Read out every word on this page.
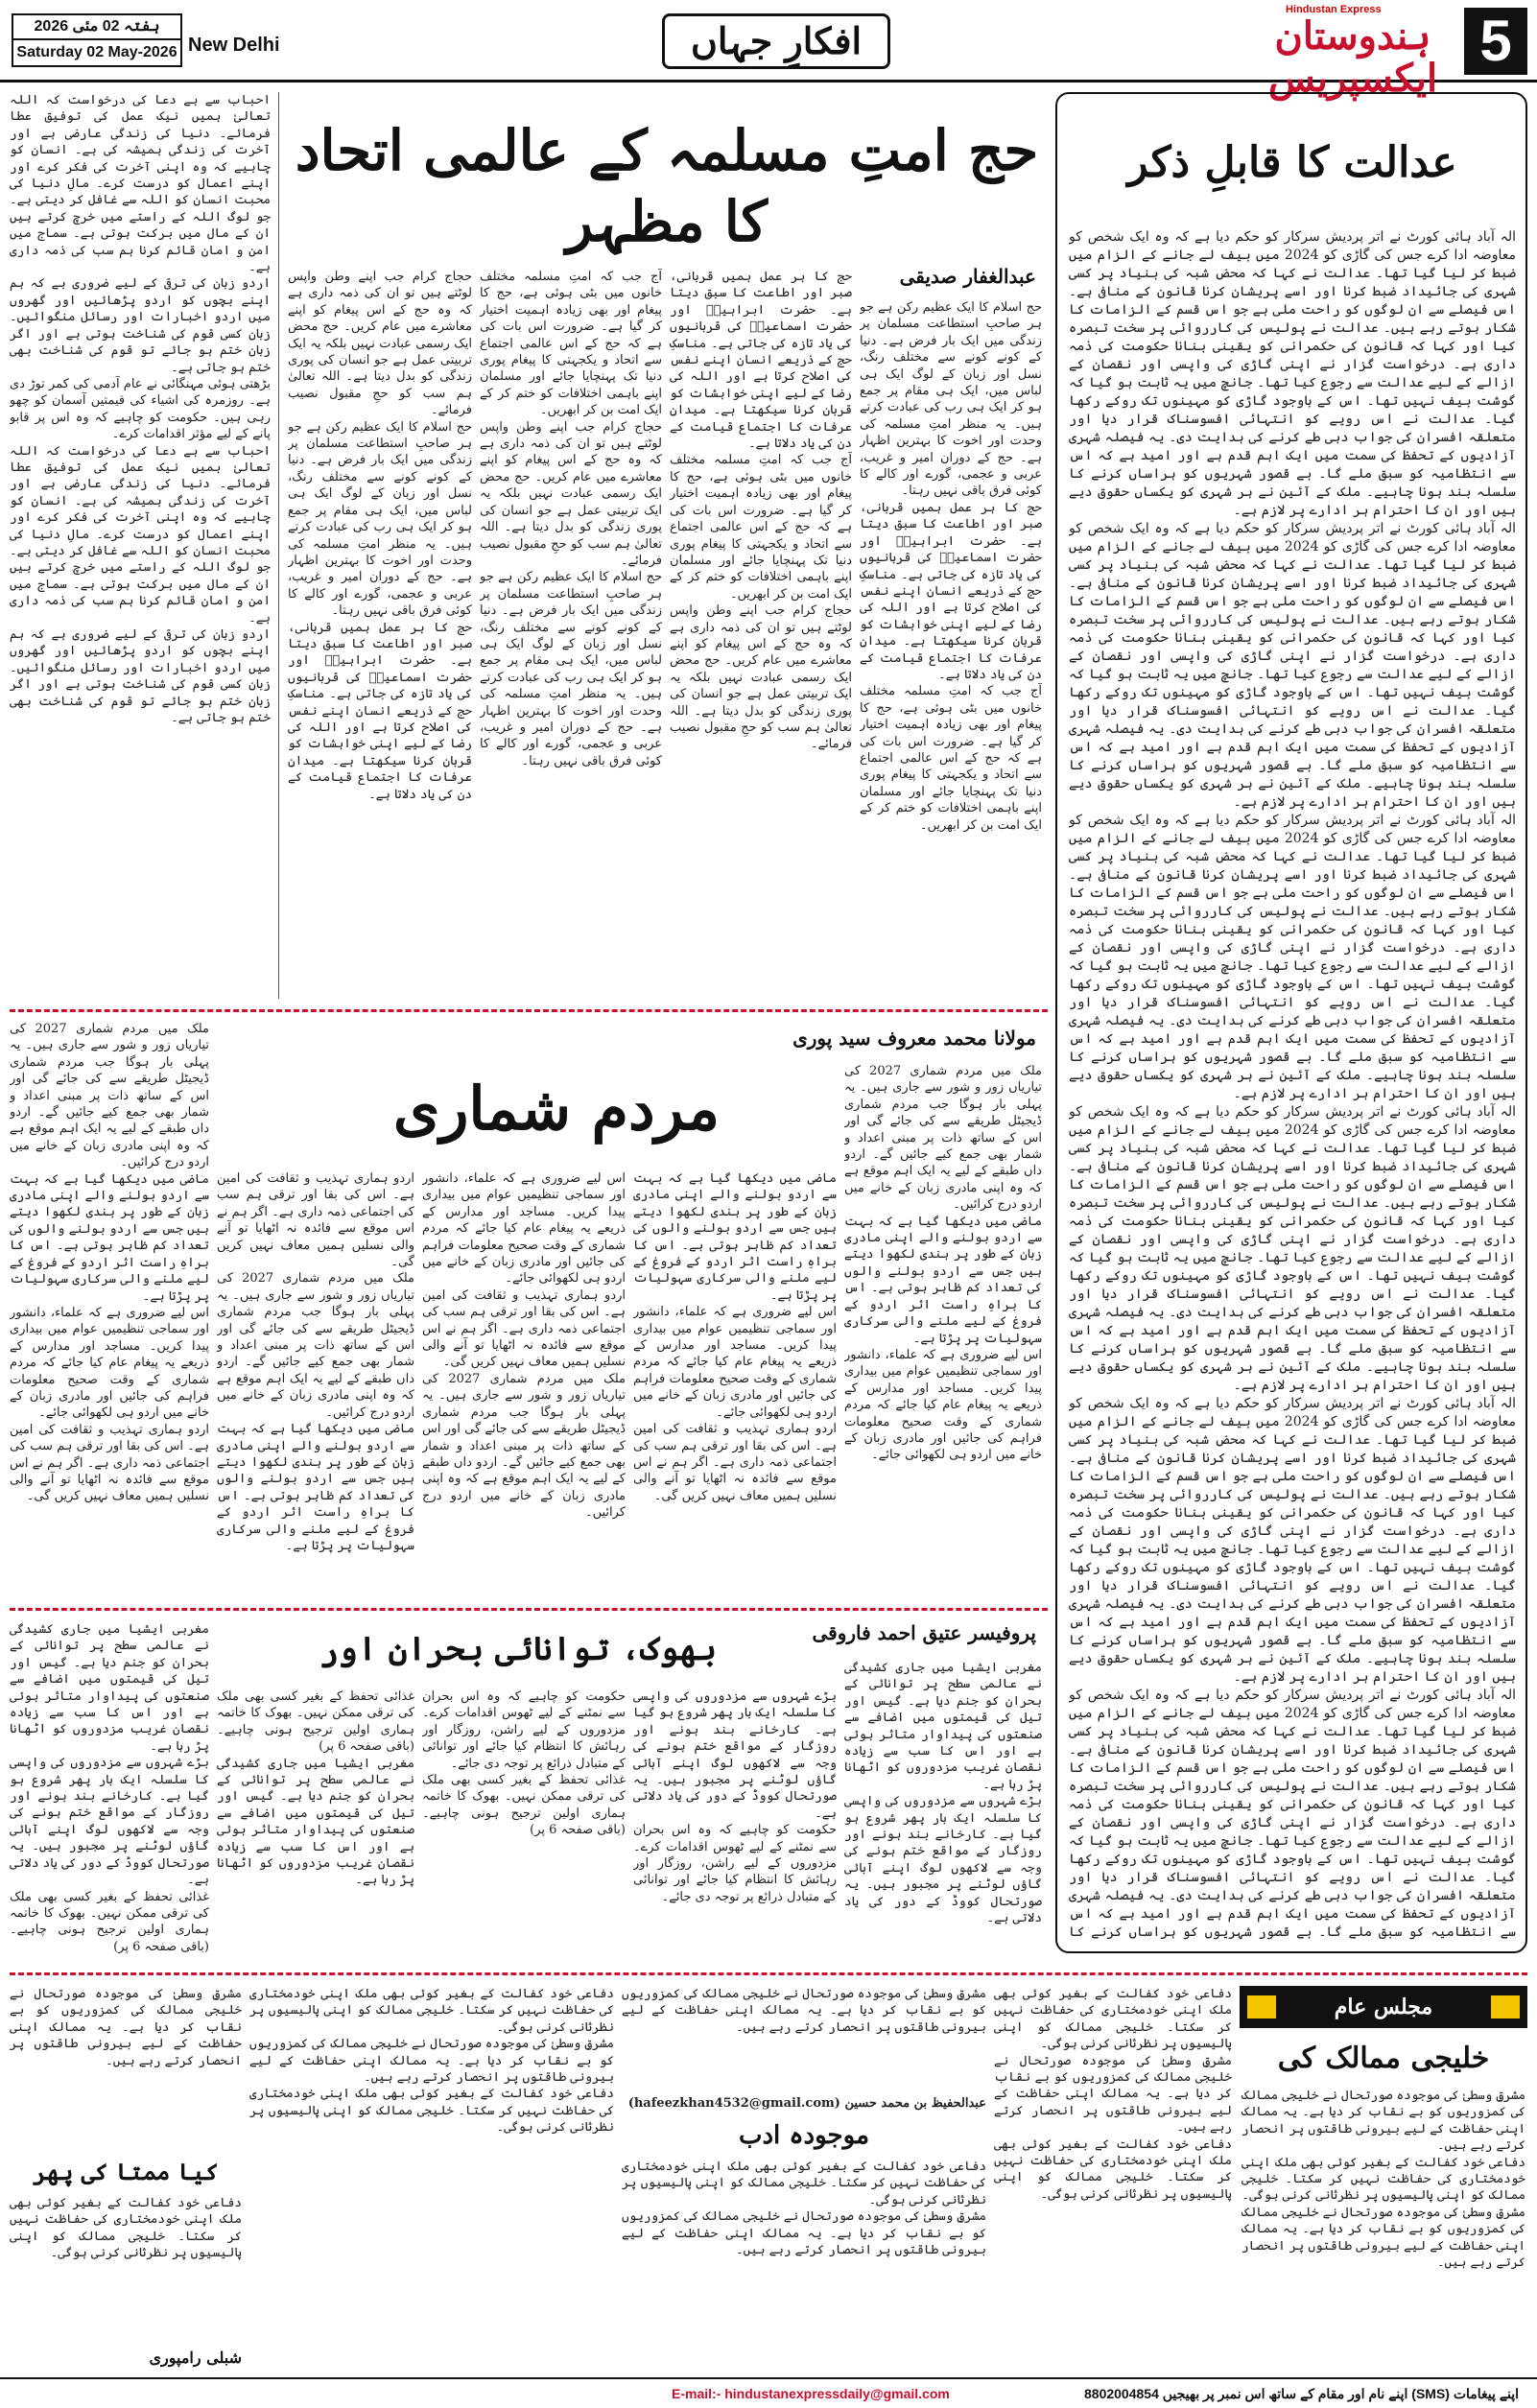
ہفتہ 02 مئی 2026
Saturday 02 May-2026 New Delhi	افکارِ جہاں
Hindustan Express
ہندوستان ایکسپریس
5

احباب سے ہے دعا کی درخواست کہ اللہ تعالیٰ ہمیں نیک عمل کی توفیق عطا فرمائے۔ دنیا کی زندگی عارضی ہے اور آخرت کی زندگی ہمیشہ کی ہے۔ انسان کو چاہیے کہ وہ اپنی آخرت کی فکر کرے اور اپنے اعمال کو درست کرے۔ مالِ دنیا کی محبت انسان کو اللہ سے غافل کر دیتی ہے۔ جو لوگ اللہ کے راستے میں خرچ کرتے ہیں ان کے مال میں برکت ہوتی ہے۔ سماج میں امن و امان قائم کرنا ہم سب کی ذمہ داری ہے۔

اردو زبان کی ترقی کے لیے ضروری ہے کہ ہم اپنے بچوں کو اردو پڑھائیں اور گھروں میں اردو اخبارات اور رسائل منگوائیں۔ زبان کسی قوم کی شناخت ہوتی ہے اور اگر زبان ختم ہو جائے تو قوم کی شناخت بھی ختم ہو جاتی ہے۔

بڑھتی ہوئی مہنگائی نے عام آدمی کی کمر توڑ دی ہے۔ روزمرہ کی اشیاء کی قیمتیں آسمان کو چھو رہی ہیں۔ حکومت کو چاہیے کہ وہ اس پر قابو پانے کے لیے مؤثر اقدامات کرے۔

احباب سے ہے دعا کی درخواست کہ اللہ تعالیٰ ہمیں نیک عمل کی توفیق عطا فرمائے۔ دنیا کی زندگی عارضی ہے اور آخرت کی زندگی ہمیشہ کی ہے۔ انسان کو چاہیے کہ وہ اپنی آخرت کی فکر کرے اور اپنے اعمال کو درست کرے۔ مالِ دنیا کی محبت انسان کو اللہ سے غافل کر دیتی ہے۔ جو لوگ اللہ کے راستے میں خرچ کرتے ہیں ان کے مال میں برکت ہوتی ہے۔ سماج میں امن و امان قائم کرنا ہم سب کی ذمہ داری ہے۔

اردو زبان کی ترقی کے لیے ضروری ہے کہ ہم اپنے بچوں کو اردو پڑھائیں اور گھروں میں اردو اخبارات اور رسائل منگوائیں۔ زبان کسی قوم کی شناخت ہوتی ہے اور اگر زبان ختم ہو جائے تو قوم کی شناخت بھی ختم ہو جاتی ہے۔

حج امتِ مسلمہ کے عالمی اتحاد کا مظہر
عبدالغفار صدیقی

حج اسلام کا ایک عظیم رکن ہے جو ہر صاحبِ استطاعت مسلمان پر زندگی میں ایک بار فرض ہے۔ دنیا کے کونے کونے سے مختلف رنگ، نسل اور زبان کے لوگ ایک ہی لباس میں، ایک ہی مقام پر جمع ہو کر ایک ہی رب کی عبادت کرتے ہیں۔ یہ منظر امتِ مسلمہ کی وحدت اور اخوت کا بہترین اظہار ہے۔ حج کے دوران امیر و غریب، عربی و عجمی، گورے اور کالے کا کوئی فرق باقی نہیں رہتا۔

حج کا ہر عمل ہمیں قربانی، صبر اور اطاعت کا سبق دیتا ہے۔ حضرت ابراہیمؑ اور حضرت اسماعیلؑ کی قربانیوں کی یاد تازہ کی جاتی ہے۔ مناسکِ حج کے ذریعے انسان اپنے نفس کی اصلاح کرتا ہے اور اللہ کی رضا کے لیے اپنی خواہشات کو قربان کرنا سیکھتا ہے۔ میدانِ عرفات کا اجتماع قیامت کے دن کی یاد دلاتا ہے۔

آج جب کہ امتِ مسلمہ مختلف خانوں میں بٹی ہوئی ہے، حج کا پیغام اور بھی زیادہ اہمیت اختیار کر گیا ہے۔ ضرورت اس بات کی ہے کہ حج کے اس عالمی اجتماع سے اتحاد و یکجہتی کا پیغام پوری دنیا تک پہنچایا جائے اور مسلمان اپنے باہمی اختلافات کو ختم کر کے ایک امت بن کر ابھریں۔

حج کا ہر عمل ہمیں قربانی، صبر اور اطاعت کا سبق دیتا ہے۔ حضرت ابراہیمؑ اور حضرت اسماعیلؑ کی قربانیوں کی یاد تازہ کی جاتی ہے۔ مناسکِ حج کے ذریعے انسان اپنے نفس کی اصلاح کرتا ہے اور اللہ کی رضا کے لیے اپنی خواہشات کو قربان کرنا سیکھتا ہے۔ میدانِ عرفات کا اجتماع قیامت کے دن کی یاد دلاتا ہے۔

آج جب کہ امتِ مسلمہ مختلف خانوں میں بٹی ہوئی ہے، حج کا پیغام اور بھی زیادہ اہمیت اختیار کر گیا ہے۔ ضرورت اس بات کی ہے کہ حج کے اس عالمی اجتماع سے اتحاد و یکجہتی کا پیغام پوری دنیا تک پہنچایا جائے اور مسلمان اپنے باہمی اختلافات کو ختم کر کے ایک امت بن کر ابھریں۔

حجاج کرام جب اپنے وطن واپس لوٹتے ہیں تو ان کی ذمہ داری ہے کہ وہ حج کے اس پیغام کو اپنے معاشرے میں عام کریں۔ حج محض ایک رسمی عبادت نہیں بلکہ یہ ایک تربیتی عمل ہے جو انسان کی پوری زندگی کو بدل دیتا ہے۔ اللہ تعالیٰ ہم سب کو حجِ مقبول نصیب فرمائے۔

آج جب کہ امتِ مسلمہ مختلف خانوں میں بٹی ہوئی ہے، حج کا پیغام اور بھی زیادہ اہمیت اختیار کر گیا ہے۔ ضرورت اس بات کی ہے کہ حج کے اس عالمی اجتماع سے اتحاد و یکجہتی کا پیغام پوری دنیا تک پہنچایا جائے اور مسلمان اپنے باہمی اختلافات کو ختم کر کے ایک امت بن کر ابھریں۔

حجاج کرام جب اپنے وطن واپس لوٹتے ہیں تو ان کی ذمہ داری ہے کہ وہ حج کے اس پیغام کو اپنے معاشرے میں عام کریں۔ حج محض ایک رسمی عبادت نہیں بلکہ یہ ایک تربیتی عمل ہے جو انسان کی پوری زندگی کو بدل دیتا ہے۔ اللہ تعالیٰ ہم سب کو حجِ مقبول نصیب فرمائے۔

حج اسلام کا ایک عظیم رکن ہے جو ہر صاحبِ استطاعت مسلمان پر زندگی میں ایک بار فرض ہے۔ دنیا کے کونے کونے سے مختلف رنگ، نسل اور زبان کے لوگ ایک ہی لباس میں، ایک ہی مقام پر جمع ہو کر ایک ہی رب کی عبادت کرتے ہیں۔ یہ منظر امتِ مسلمہ کی وحدت اور اخوت کا بہترین اظہار ہے۔ حج کے دوران امیر و غریب، عربی و عجمی، گورے اور کالے کا کوئی فرق باقی نہیں رہتا۔

حجاج کرام جب اپنے وطن واپس لوٹتے ہیں تو ان کی ذمہ داری ہے کہ وہ حج کے اس پیغام کو اپنے معاشرے میں عام کریں۔ حج محض ایک رسمی عبادت نہیں بلکہ یہ ایک تربیتی عمل ہے جو انسان کی پوری زندگی کو بدل دیتا ہے۔ اللہ تعالیٰ ہم سب کو حجِ مقبول نصیب فرمائے۔

حج اسلام کا ایک عظیم رکن ہے جو ہر صاحبِ استطاعت مسلمان پر زندگی میں ایک بار فرض ہے۔ دنیا کے کونے کونے سے مختلف رنگ، نسل اور زبان کے لوگ ایک ہی لباس میں، ایک ہی مقام پر جمع ہو کر ایک ہی رب کی عبادت کرتے ہیں۔ یہ منظر امتِ مسلمہ کی وحدت اور اخوت کا بہترین اظہار ہے۔ حج کے دوران امیر و غریب، عربی و عجمی، گورے اور کالے کا کوئی فرق باقی نہیں رہتا۔

حج کا ہر عمل ہمیں قربانی، صبر اور اطاعت کا سبق دیتا ہے۔ حضرت ابراہیمؑ اور حضرت اسماعیلؑ کی قربانیوں کی یاد تازہ کی جاتی ہے۔ مناسکِ حج کے ذریعے انسان اپنے نفس کی اصلاح کرتا ہے اور اللہ کی رضا کے لیے اپنی خواہشات کو قربان کرنا سیکھتا ہے۔ میدانِ عرفات کا اجتماع قیامت کے دن کی یاد دلاتا ہے۔

عدالت کا قابلِ ذکر

الہ آباد ہائی کورٹ نے اتر پردیش سرکار کو حکم دیا ہے کہ وہ ایک شخص کو معاوضہ ادا کرے جس کی گاڑی کو 2024 میں بیف لے جانے کے الزام میں ضبط کر لیا گیا تھا۔ عدالت نے کہا کہ محض شبہ کی بنیاد پر کسی شہری کی جائیداد ضبط کرنا اور اسے پریشان کرنا قانون کے منافی ہے۔ اس فیصلے سے ان لوگوں کو راحت ملی ہے جو اس قسم کے الزامات کا شکار ہوتے رہے ہیں۔ عدالت نے پولیس کی کارروائی پر سخت تبصرہ کیا اور کہا کہ قانون کی حکمرانی کو یقینی بنانا حکومت کی ذمہ داری ہے۔ درخواست گزار نے اپنی گاڑی کی واپسی اور نقصان کے ازالے کے لیے عدالت سے رجوع کیا تھا۔ جانچ میں یہ ثابت ہو گیا کہ گوشت بیف نہیں تھا۔ اس کے باوجود گاڑی کو مہینوں تک روکے رکھا گیا۔ عدالت نے اس رویے کو انتہائی افسوسناک قرار دیا اور متعلقہ افسران کی جواب دہی طے کرنے کی ہدایت دی۔ یہ فیصلہ شہری آزادیوں کے تحفظ کی سمت میں ایک اہم قدم ہے اور امید ہے کہ اس سے انتظامیہ کو سبق ملے گا۔ بے قصور شہریوں کو ہراساں کرنے کا سلسلہ بند ہونا چاہیے۔ ملک کے آئین نے ہر شہری کو یکساں حقوق دیے ہیں اور ان کا احترام ہر ادارے پر لازم ہے۔

الہ آباد ہائی کورٹ نے اتر پردیش سرکار کو حکم دیا ہے کہ وہ ایک شخص کو معاوضہ ادا کرے جس کی گاڑی کو 2024 میں بیف لے جانے کے الزام میں ضبط کر لیا گیا تھا۔ عدالت نے کہا کہ محض شبہ کی بنیاد پر کسی شہری کی جائیداد ضبط کرنا اور اسے پریشان کرنا قانون کے منافی ہے۔ اس فیصلے سے ان لوگوں کو راحت ملی ہے جو اس قسم کے الزامات کا شکار ہوتے رہے ہیں۔ عدالت نے پولیس کی کارروائی پر سخت تبصرہ کیا اور کہا کہ قانون کی حکمرانی کو یقینی بنانا حکومت کی ذمہ داری ہے۔ درخواست گزار نے اپنی گاڑی کی واپسی اور نقصان کے ازالے کے لیے عدالت سے رجوع کیا تھا۔ جانچ میں یہ ثابت ہو گیا کہ گوشت بیف نہیں تھا۔ اس کے باوجود گاڑی کو مہینوں تک روکے رکھا گیا۔ عدالت نے اس رویے کو انتہائی افسوسناک قرار دیا اور متعلقہ افسران کی جواب دہی طے کرنے کی ہدایت دی۔ یہ فیصلہ شہری آزادیوں کے تحفظ کی سمت میں ایک اہم قدم ہے اور امید ہے کہ اس سے انتظامیہ کو سبق ملے گا۔ بے قصور شہریوں کو ہراساں کرنے کا سلسلہ بند ہونا چاہیے۔ ملک کے آئین نے ہر شہری کو یکساں حقوق دیے ہیں اور ان کا احترام ہر ادارے پر لازم ہے۔

الہ آباد ہائی کورٹ نے اتر پردیش سرکار کو حکم دیا ہے کہ وہ ایک شخص کو معاوضہ ادا کرے جس کی گاڑی کو 2024 میں بیف لے جانے کے الزام میں ضبط کر لیا گیا تھا۔ عدالت نے کہا کہ محض شبہ کی بنیاد پر کسی شہری کی جائیداد ضبط کرنا اور اسے پریشان کرنا قانون کے منافی ہے۔ اس فیصلے سے ان لوگوں کو راحت ملی ہے جو اس قسم کے الزامات کا شکار ہوتے رہے ہیں۔ عدالت نے پولیس کی کارروائی پر سخت تبصرہ کیا اور کہا کہ قانون کی حکمرانی کو یقینی بنانا حکومت کی ذمہ داری ہے۔ درخواست گزار نے اپنی گاڑی کی واپسی اور نقصان کے ازالے کے لیے عدالت سے رجوع کیا تھا۔ جانچ میں یہ ثابت ہو گیا کہ گوشت بیف نہیں تھا۔ اس کے باوجود گاڑی کو مہینوں تک روکے رکھا گیا۔ عدالت نے اس رویے کو انتہائی افسوسناک قرار دیا اور متعلقہ افسران کی جواب دہی طے کرنے کی ہدایت دی۔ یہ فیصلہ شہری آزادیوں کے تحفظ کی سمت میں ایک اہم قدم ہے اور امید ہے کہ اس سے انتظامیہ کو سبق ملے گا۔ بے قصور شہریوں کو ہراساں کرنے کا سلسلہ بند ہونا چاہیے۔ ملک کے آئین نے ہر شہری کو یکساں حقوق دیے ہیں اور ان کا احترام ہر ادارے پر لازم ہے۔

الہ آباد ہائی کورٹ نے اتر پردیش سرکار کو حکم دیا ہے کہ وہ ایک شخص کو معاوضہ ادا کرے جس کی گاڑی کو 2024 میں بیف لے جانے کے الزام میں ضبط کر لیا گیا تھا۔ عدالت نے کہا کہ محض شبہ کی بنیاد پر کسی شہری کی جائیداد ضبط کرنا اور اسے پریشان کرنا قانون کے منافی ہے۔ اس فیصلے سے ان لوگوں کو راحت ملی ہے جو اس قسم کے الزامات کا شکار ہوتے رہے ہیں۔ عدالت نے پولیس کی کارروائی پر سخت تبصرہ کیا اور کہا کہ قانون کی حکمرانی کو یقینی بنانا حکومت کی ذمہ داری ہے۔ درخواست گزار نے اپنی گاڑی کی واپسی اور نقصان کے ازالے کے لیے عدالت سے رجوع کیا تھا۔ جانچ میں یہ ثابت ہو گیا کہ گوشت بیف نہیں تھا۔ اس کے باوجود گاڑی کو مہینوں تک روکے رکھا گیا۔ عدالت نے اس رویے کو انتہائی افسوسناک قرار دیا اور متعلقہ افسران کی جواب دہی طے کرنے کی ہدایت دی۔ یہ فیصلہ شہری آزادیوں کے تحفظ کی سمت میں ایک اہم قدم ہے اور امید ہے کہ اس سے انتظامیہ کو سبق ملے گا۔ بے قصور شہریوں کو ہراساں کرنے کا سلسلہ بند ہونا چاہیے۔ ملک کے آئین نے ہر شہری کو یکساں حقوق دیے ہیں اور ان کا احترام ہر ادارے پر لازم ہے۔

الہ آباد ہائی کورٹ نے اتر پردیش سرکار کو حکم دیا ہے کہ وہ ایک شخص کو معاوضہ ادا کرے جس کی گاڑی کو 2024 میں بیف لے جانے کے الزام میں ضبط کر لیا گیا تھا۔ عدالت نے کہا کہ محض شبہ کی بنیاد پر کسی شہری کی جائیداد ضبط کرنا اور اسے پریشان کرنا قانون کے منافی ہے۔ اس فیصلے سے ان لوگوں کو راحت ملی ہے جو اس قسم کے الزامات کا شکار ہوتے رہے ہیں۔ عدالت نے پولیس کی کارروائی پر سخت تبصرہ کیا اور کہا کہ قانون کی حکمرانی کو یقینی بنانا حکومت کی ذمہ داری ہے۔ درخواست گزار نے اپنی گاڑی کی واپسی اور نقصان کے ازالے کے لیے عدالت سے رجوع کیا تھا۔ جانچ میں یہ ثابت ہو گیا کہ گوشت بیف نہیں تھا۔ اس کے باوجود گاڑی کو مہینوں تک روکے رکھا گیا۔ عدالت نے اس رویے کو انتہائی افسوسناک قرار دیا اور متعلقہ افسران کی جواب دہی طے کرنے کی ہدایت دی۔ یہ فیصلہ شہری آزادیوں کے تحفظ کی سمت میں ایک اہم قدم ہے اور امید ہے کہ اس سے انتظامیہ کو سبق ملے گا۔ بے قصور شہریوں کو ہراساں کرنے کا سلسلہ بند ہونا چاہیے۔ ملک کے آئین نے ہر شہری کو یکساں حقوق دیے ہیں اور ان کا احترام ہر ادارے پر لازم ہے۔

الہ آباد ہائی کورٹ نے اتر پردیش سرکار کو حکم دیا ہے کہ وہ ایک شخص کو معاوضہ ادا کرے جس کی گاڑی کو 2024 میں بیف لے جانے کے الزام میں ضبط کر لیا گیا تھا۔ عدالت نے کہا کہ محض شبہ کی بنیاد پر کسی شہری کی جائیداد ضبط کرنا اور اسے پریشان کرنا قانون کے منافی ہے۔ اس فیصلے سے ان لوگوں کو راحت ملی ہے جو اس قسم کے الزامات کا شکار ہوتے رہے ہیں۔ عدالت نے پولیس کی کارروائی پر سخت تبصرہ کیا اور کہا کہ قانون کی حکمرانی کو یقینی بنانا حکومت کی ذمہ داری ہے۔ درخواست گزار نے اپنی گاڑی کی واپسی اور نقصان کے ازالے کے لیے عدالت سے رجوع کیا تھا۔ جانچ میں یہ ثابت ہو گیا کہ گوشت بیف نہیں تھا۔ اس کے باوجود گاڑی کو مہینوں تک روکے رکھا گیا۔ عدالت نے اس رویے کو انتہائی افسوسناک قرار دیا اور متعلقہ افسران کی جواب دہی طے کرنے کی ہدایت دی۔ یہ فیصلہ شہری آزادیوں کے تحفظ کی سمت میں ایک اہم قدم ہے اور امید ہے کہ اس سے انتظامیہ کو سبق ملے گا۔ بے قصور شہریوں کو ہراساں کرنے کا

مولانا محمد معروف سید پوری
مردم شماری

ملک میں مردم شماری 2027 کی تیاریاں زور و شور سے جاری ہیں۔ یہ پہلی بار ہوگا جب مردم شماری ڈیجیٹل طریقے سے کی جائے گی اور اس کے ساتھ ذات پر مبنی اعداد و شمار بھی جمع کیے جائیں گے۔ اردو داں طبقے کے لیے یہ ایک اہم موقع ہے کہ وہ اپنی مادری زبان کے خانے میں اردو درج کرائیں۔

ماضی میں دیکھا گیا ہے کہ بہت سے اردو بولنے والے اپنی مادری زبان کے طور پر ہندی لکھوا دیتے ہیں جس سے اردو بولنے والوں کی تعداد کم ظاہر ہوتی ہے۔ اس کا براہِ راست اثر اردو کے فروغ کے لیے ملنے والی سرکاری سہولیات پر پڑتا ہے۔

اس لیے ضروری ہے کہ علماء، دانشور اور سماجی تنظیمیں عوام میں بیداری پیدا کریں۔ مساجد اور مدارس کے ذریعے یہ پیغام عام کیا جائے کہ مردم شماری کے وقت صحیح معلومات فراہم کی جائیں اور مادری زبان کے خانے میں اردو ہی لکھوائی جائے۔

ماضی میں دیکھا گیا ہے کہ بہت سے اردو بولنے والے اپنی مادری زبان کے طور پر ہندی لکھوا دیتے ہیں جس سے اردو بولنے والوں کی تعداد کم ظاہر ہوتی ہے۔ اس کا براہِ راست اثر اردو کے فروغ کے لیے ملنے والی سرکاری سہولیات پر پڑتا ہے۔

اس لیے ضروری ہے کہ علماء، دانشور اور سماجی تنظیمیں عوام میں بیداری پیدا کریں۔ مساجد اور مدارس کے ذریعے یہ پیغام عام کیا جائے کہ مردم شماری کے وقت صحیح معلومات فراہم کی جائیں اور مادری زبان کے خانے میں اردو ہی لکھوائی جائے۔

اردو ہماری تہذیب و ثقافت کی امین ہے۔ اس کی بقا اور ترقی ہم سب کی اجتماعی ذمہ داری ہے۔ اگر ہم نے اس موقع سے فائدہ نہ اٹھایا تو آنے والی نسلیں ہمیں معاف نہیں کریں گی۔

اس لیے ضروری ہے کہ علماء، دانشور اور سماجی تنظیمیں عوام میں بیداری پیدا کریں۔ مساجد اور مدارس کے ذریعے یہ پیغام عام کیا جائے کہ مردم شماری کے وقت صحیح معلومات فراہم کی جائیں اور مادری زبان کے خانے میں اردو ہی لکھوائی جائے۔

اردو ہماری تہذیب و ثقافت کی امین ہے۔ اس کی بقا اور ترقی ہم سب کی اجتماعی ذمہ داری ہے۔ اگر ہم نے اس موقع سے فائدہ نہ اٹھایا تو آنے والی نسلیں ہمیں معاف نہیں کریں گی۔

ملک میں مردم شماری 2027 کی تیاریاں زور و شور سے جاری ہیں۔ یہ پہلی بار ہوگا جب مردم شماری ڈیجیٹل طریقے سے کی جائے گی اور اس کے ساتھ ذات پر مبنی اعداد و شمار بھی جمع کیے جائیں گے۔ اردو داں طبقے کے لیے یہ ایک اہم موقع ہے کہ وہ اپنی مادری زبان کے خانے میں اردو درج کرائیں۔

اردو ہماری تہذیب و ثقافت کی امین ہے۔ اس کی بقا اور ترقی ہم سب کی اجتماعی ذمہ داری ہے۔ اگر ہم نے اس موقع سے فائدہ نہ اٹھایا تو آنے والی نسلیں ہمیں معاف نہیں کریں گی۔

ملک میں مردم شماری 2027 کی تیاریاں زور و شور سے جاری ہیں۔ یہ پہلی بار ہوگا جب مردم شماری ڈیجیٹل طریقے سے کی جائے گی اور اس کے ساتھ ذات پر مبنی اعداد و شمار بھی جمع کیے جائیں گے۔ اردو داں طبقے کے لیے یہ ایک اہم موقع ہے کہ وہ اپنی مادری زبان کے خانے میں اردو درج کرائیں۔

ماضی میں دیکھا گیا ہے کہ بہت سے اردو بولنے والے اپنی مادری زبان کے طور پر ہندی لکھوا دیتے ہیں جس سے اردو بولنے والوں کی تعداد کم ظاہر ہوتی ہے۔ اس کا براہِ راست اثر اردو کے فروغ کے لیے ملنے والی سرکاری سہولیات پر پڑتا ہے۔

ملک میں مردم شماری 2027 کی تیاریاں زور و شور سے جاری ہیں۔ یہ پہلی بار ہوگا جب مردم شماری ڈیجیٹل طریقے سے کی جائے گی اور اس کے ساتھ ذات پر مبنی اعداد و شمار بھی جمع کیے جائیں گے۔ اردو داں طبقے کے لیے یہ ایک اہم موقع ہے کہ وہ اپنی مادری زبان کے خانے میں اردو درج کرائیں۔

ماضی میں دیکھا گیا ہے کہ بہت سے اردو بولنے والے اپنی مادری زبان کے طور پر ہندی لکھوا دیتے ہیں جس سے اردو بولنے والوں کی تعداد کم ظاہر ہوتی ہے۔ اس کا براہِ راست اثر اردو کے فروغ کے لیے ملنے والی سرکاری سہولیات پر پڑتا ہے۔

اس لیے ضروری ہے کہ علماء، دانشور اور سماجی تنظیمیں عوام میں بیداری پیدا کریں۔ مساجد اور مدارس کے ذریعے یہ پیغام عام کیا جائے کہ مردم شماری کے وقت صحیح معلومات فراہم کی جائیں اور مادری زبان کے خانے میں اردو ہی لکھوائی جائے۔

اردو ہماری تہذیب و ثقافت کی امین ہے۔ اس کی بقا اور ترقی ہم سب کی اجتماعی ذمہ داری ہے۔ اگر ہم نے اس موقع سے فائدہ نہ اٹھایا تو آنے والی نسلیں ہمیں معاف نہیں کریں گی۔

پروفیسر عتیق احمد فاروقی
بھوک، توانائی بحران اور	مغربی ایشیا میں جاری کشیدگی نے عالمی سطح پر توانائی کے بحران کو جنم دیا ہے۔ گیس اور تیل کی قیمتوں میں اضافے سے صنعتوں کی پیداوار متاثر ہوئی ہے اور اس کا سب سے زیادہ نقصان غریب مزدوروں کو اٹھانا پڑ رہا ہے۔

بڑے شہروں سے مزدوروں کی واپسی کا سلسلہ ایک بار پھر شروع ہو گیا ہے۔ کارخانے بند ہونے اور روزگار کے مواقع ختم ہونے کی وجہ سے لاکھوں لوگ اپنے آبائی گاؤں لوٹنے پر مجبور ہیں۔ یہ صورتحال کووڈ کے دور کی یاد دلاتی ہے۔

بڑے شہروں سے مزدوروں کی واپسی کا سلسلہ ایک بار پھر شروع ہو گیا ہے۔ کارخانے بند ہونے اور روزگار کے مواقع ختم ہونے کی وجہ سے لاکھوں لوگ اپنے آبائی گاؤں لوٹنے پر مجبور ہیں۔ یہ صورتحال کووڈ کے دور کی یاد دلاتی ہے۔

حکومت کو چاہیے کہ وہ اس بحران سے نمٹنے کے لیے ٹھوس اقدامات کرے۔ مزدوروں کے لیے راشن، روزگار اور رہائش کا انتظام کیا جائے اور توانائی کے متبادل ذرائع پر توجہ دی جائے۔

حکومت کو چاہیے کہ وہ اس بحران سے نمٹنے کے لیے ٹھوس اقدامات کرے۔ مزدوروں کے لیے راشن، روزگار اور رہائش کا انتظام کیا جائے اور توانائی کے متبادل ذرائع پر توجہ دی جائے۔

غذائی تحفظ کے بغیر کسی بھی ملک کی ترقی ممکن نہیں۔ بھوک کا خاتمہ ہماری اولین ترجیح ہونی چاہیے۔ (باقی صفحہ 6 پر)

غذائی تحفظ کے بغیر کسی بھی ملک کی ترقی ممکن نہیں۔ بھوک کا خاتمہ ہماری اولین ترجیح ہونی چاہیے۔ (باقی صفحہ 6 پر)

مغربی ایشیا میں جاری کشیدگی نے عالمی سطح پر توانائی کے بحران کو جنم دیا ہے۔ گیس اور تیل کی قیمتوں میں اضافے سے صنعتوں کی پیداوار متاثر ہوئی ہے اور اس کا سب سے زیادہ نقصان غریب مزدوروں کو اٹھانا پڑ رہا ہے۔

مغربی ایشیا میں جاری کشیدگی نے عالمی سطح پر توانائی کے بحران کو جنم دیا ہے۔ گیس اور تیل کی قیمتوں میں اضافے سے صنعتوں کی پیداوار متاثر ہوئی ہے اور اس کا سب سے زیادہ نقصان غریب مزدوروں کو اٹھانا پڑ رہا ہے۔

بڑے شہروں سے مزدوروں کی واپسی کا سلسلہ ایک بار پھر شروع ہو گیا ہے۔ کارخانے بند ہونے اور روزگار کے مواقع ختم ہونے کی وجہ سے لاکھوں لوگ اپنے آبائی گاؤں لوٹنے پر مجبور ہیں۔ یہ صورتحال کووڈ کے دور کی یاد دلاتی ہے۔

غذائی تحفظ کے بغیر کسی بھی ملک کی ترقی ممکن نہیں۔ بھوک کا خاتمہ ہماری اولین ترجیح ہونی چاہیے۔ (باقی صفحہ 6 پر)

مجلس عام
خلیجی ممالک کی

مشرقِ وسطیٰ کی موجودہ صورتحال نے خلیجی ممالک کی کمزوریوں کو بے نقاب کر دیا ہے۔ یہ ممالک اپنی حفاظت کے لیے بیرونی طاقتوں پر انحصار کرتے رہے ہیں۔

دفاعی خود کفالت کے بغیر کوئی بھی ملک اپنی خودمختاری کی حفاظت نہیں کر سکتا۔ خلیجی ممالک کو اپنی پالیسیوں پر نظرثانی کرنی ہوگی۔

مشرقِ وسطیٰ کی موجودہ صورتحال نے خلیجی ممالک کی کمزوریوں کو بے نقاب کر دیا ہے۔ یہ ممالک اپنی حفاظت کے لیے بیرونی طاقتوں پر انحصار کرتے رہے ہیں۔

دفاعی خود کفالت کے بغیر کوئی بھی ملک اپنی خودمختاری کی حفاظت نہیں کر سکتا۔ خلیجی ممالک کو اپنی پالیسیوں پر نظرثانی کرنی ہوگی۔

مشرقِ وسطیٰ کی موجودہ صورتحال نے خلیجی ممالک کی کمزوریوں کو بے نقاب کر دیا ہے۔ یہ ممالک اپنی حفاظت کے لیے بیرونی طاقتوں پر انحصار کرتے رہے ہیں۔

دفاعی خود کفالت کے بغیر کوئی بھی ملک اپنی خودمختاری کی حفاظت نہیں کر سکتا۔ خلیجی ممالک کو اپنی پالیسیوں پر نظرثانی کرنی ہوگی۔

مشرقِ وسطیٰ کی موجودہ صورتحال نے خلیجی ممالک کی کمزوریوں کو بے نقاب کر دیا ہے۔ یہ ممالک اپنی حفاظت کے لیے بیرونی طاقتوں پر انحصار کرتے رہے ہیں۔

عبدالحفیظ بن محمد حسین (hafeezkhan4532@gmail.com)
موجودہ ادب

دفاعی خود کفالت کے بغیر کوئی بھی ملک اپنی خودمختاری کی حفاظت نہیں کر سکتا۔ خلیجی ممالک کو اپنی پالیسیوں پر نظرثانی کرنی ہوگی۔

مشرقِ وسطیٰ کی موجودہ صورتحال نے خلیجی ممالک کی کمزوریوں کو بے نقاب کر دیا ہے۔ یہ ممالک اپنی حفاظت کے لیے بیرونی طاقتوں پر انحصار کرتے رہے ہیں۔

دفاعی خود کفالت کے بغیر کوئی بھی ملک اپنی خودمختاری کی حفاظت نہیں کر سکتا۔ خلیجی ممالک کو اپنی پالیسیوں پر نظرثانی کرنی ہوگی۔

مشرقِ وسطیٰ کی موجودہ صورتحال نے خلیجی ممالک کی کمزوریوں کو بے نقاب کر دیا ہے۔ یہ ممالک اپنی حفاظت کے لیے بیرونی طاقتوں پر انحصار کرتے رہے ہیں۔

دفاعی خود کفالت کے بغیر کوئی بھی ملک اپنی خودمختاری کی حفاظت نہیں کر سکتا۔ خلیجی ممالک کو اپنی پالیسیوں پر نظرثانی کرنی ہوگی۔

مشرقِ وسطیٰ کی موجودہ صورتحال نے خلیجی ممالک کی کمزوریوں کو بے نقاب کر دیا ہے۔ یہ ممالک اپنی حفاظت کے لیے بیرونی طاقتوں پر انحصار کرتے رہے ہیں۔

کیا ممتا کی پھر

دفاعی خود کفالت کے بغیر کوئی بھی ملک اپنی خودمختاری کی حفاظت نہیں کر سکتا۔ خلیجی ممالک کو اپنی پالیسیوں پر نظرثانی کرنی ہوگی۔

شبلی رامپوری
E-mail:- hindustanexpressdaily@gmail.com	اپنے پیغامات (SMS) اپنے نام اور مقام کے ساتھ اس نمبر پر بھیجیں 8802004854
